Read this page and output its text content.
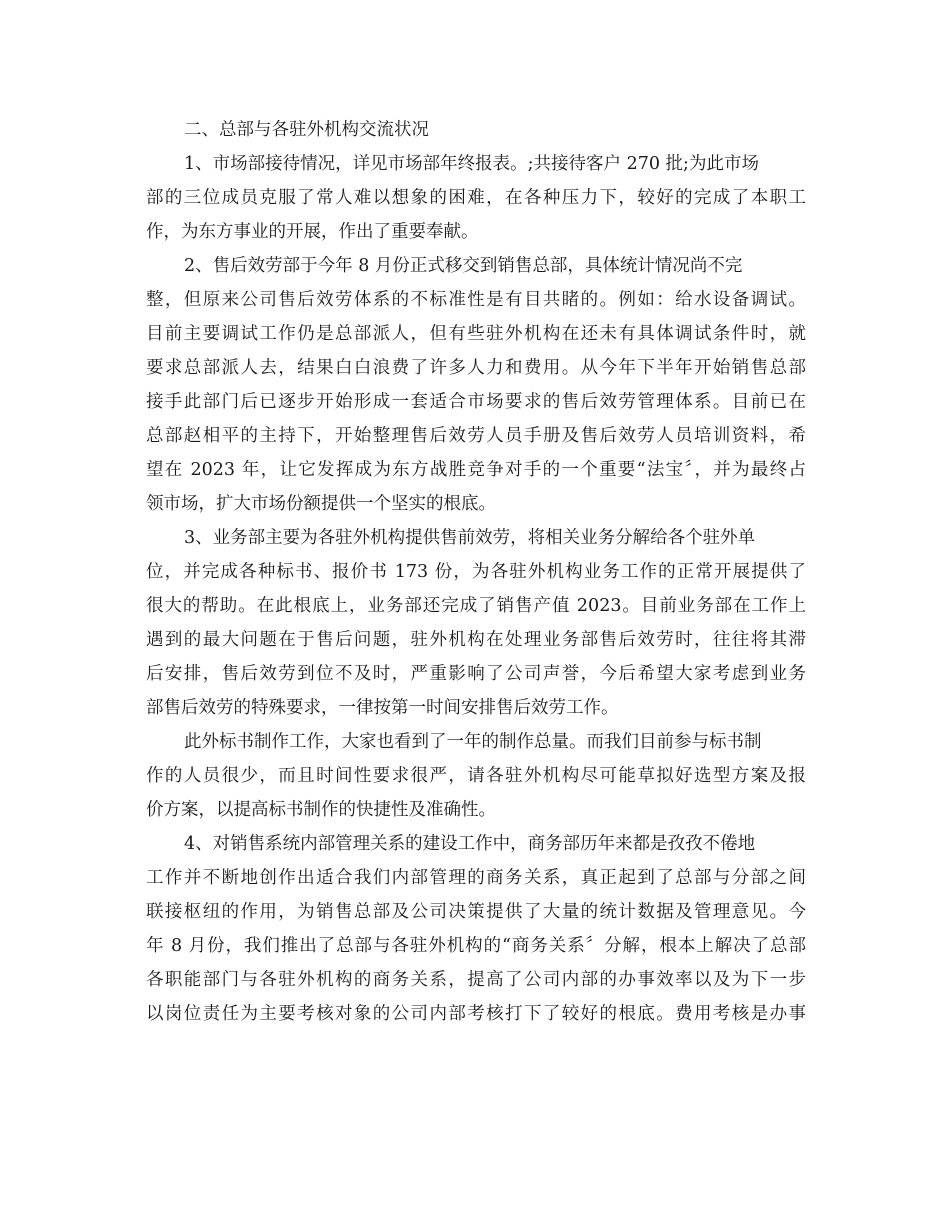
二、总部与各驻外机构交流状况
1、市场部接待情况，详见市场部年终报表。;共接待客户 270 批;为此市场
部的三位成员克服了常人难以想象的困难，在各种压力下，较好的完成了本职工
作，为东方事业的开展，作出了重要奉献。
2、售后效劳部于今年 8 月份正式移交到销售总部，具体统计情况尚不完
整，但原来公司售后效劳体系的不标准性是有目共睹的。例如：给水设备调试。
目前主要调试工作仍是总部派人，但有些驻外机构在还未有具体调试条件时，就
要求总部派人去，结果白白浪费了许多人力和费用。从今年下半年开始销售总部
接手此部门后已逐步开始形成一套适合市场要求的售后效劳管理体系。目前已在
总部赵相平的主持下，开始整理售后效劳人员手册及售后效劳人员培训资料，希
望在 2023 年，让它发挥成为东方战胜竞争对手的一个重要“法宝〞，并为最终占
领市场，扩大市场份额提供一个坚实的根底。
3、业务部主要为各驻外机构提供售前效劳，将相关业务分解给各个驻外单
位，并完成各种标书、报价书 173 份，为各驻外机构业务工作的正常开展提供了
很大的帮助。在此根底上，业务部还完成了销售产值 2023。目前业务部在工作上
遇到的最大问题在于售后问题，驻外机构在处理业务部售后效劳时，往往将其滞
后安排，售后效劳到位不及时，严重影响了公司声誉，今后希望大家考虑到业务
部售后效劳的特殊要求，一律按第一时间安排售后效劳工作。
此外标书制作工作，大家也看到了一年的制作总量。而我们目前参与标书制
作的人员很少，而且时间性要求很严，请各驻外机构尽可能草拟好选型方案及报
价方案，以提高标书制作的快捷性及准确性。
4、对销售系统内部管理关系的建设工作中，商务部历年来都是孜孜不倦地
工作并不断地创作出适合我们内部管理的商务关系，真正起到了总部与分部之间
联接枢纽的作用，为销售总部及公司决策提供了大量的统计数据及管理意见。今
年 8 月份，我们推出了总部与各驻外机构的“商务关系〞分解，根本上解决了总部
各职能部门与各驻外机构的商务关系，提高了公司内部的办事效率以及为下一步
以岗位责任为主要考核对象的公司内部考核打下了较好的根底。费用考核是办事
